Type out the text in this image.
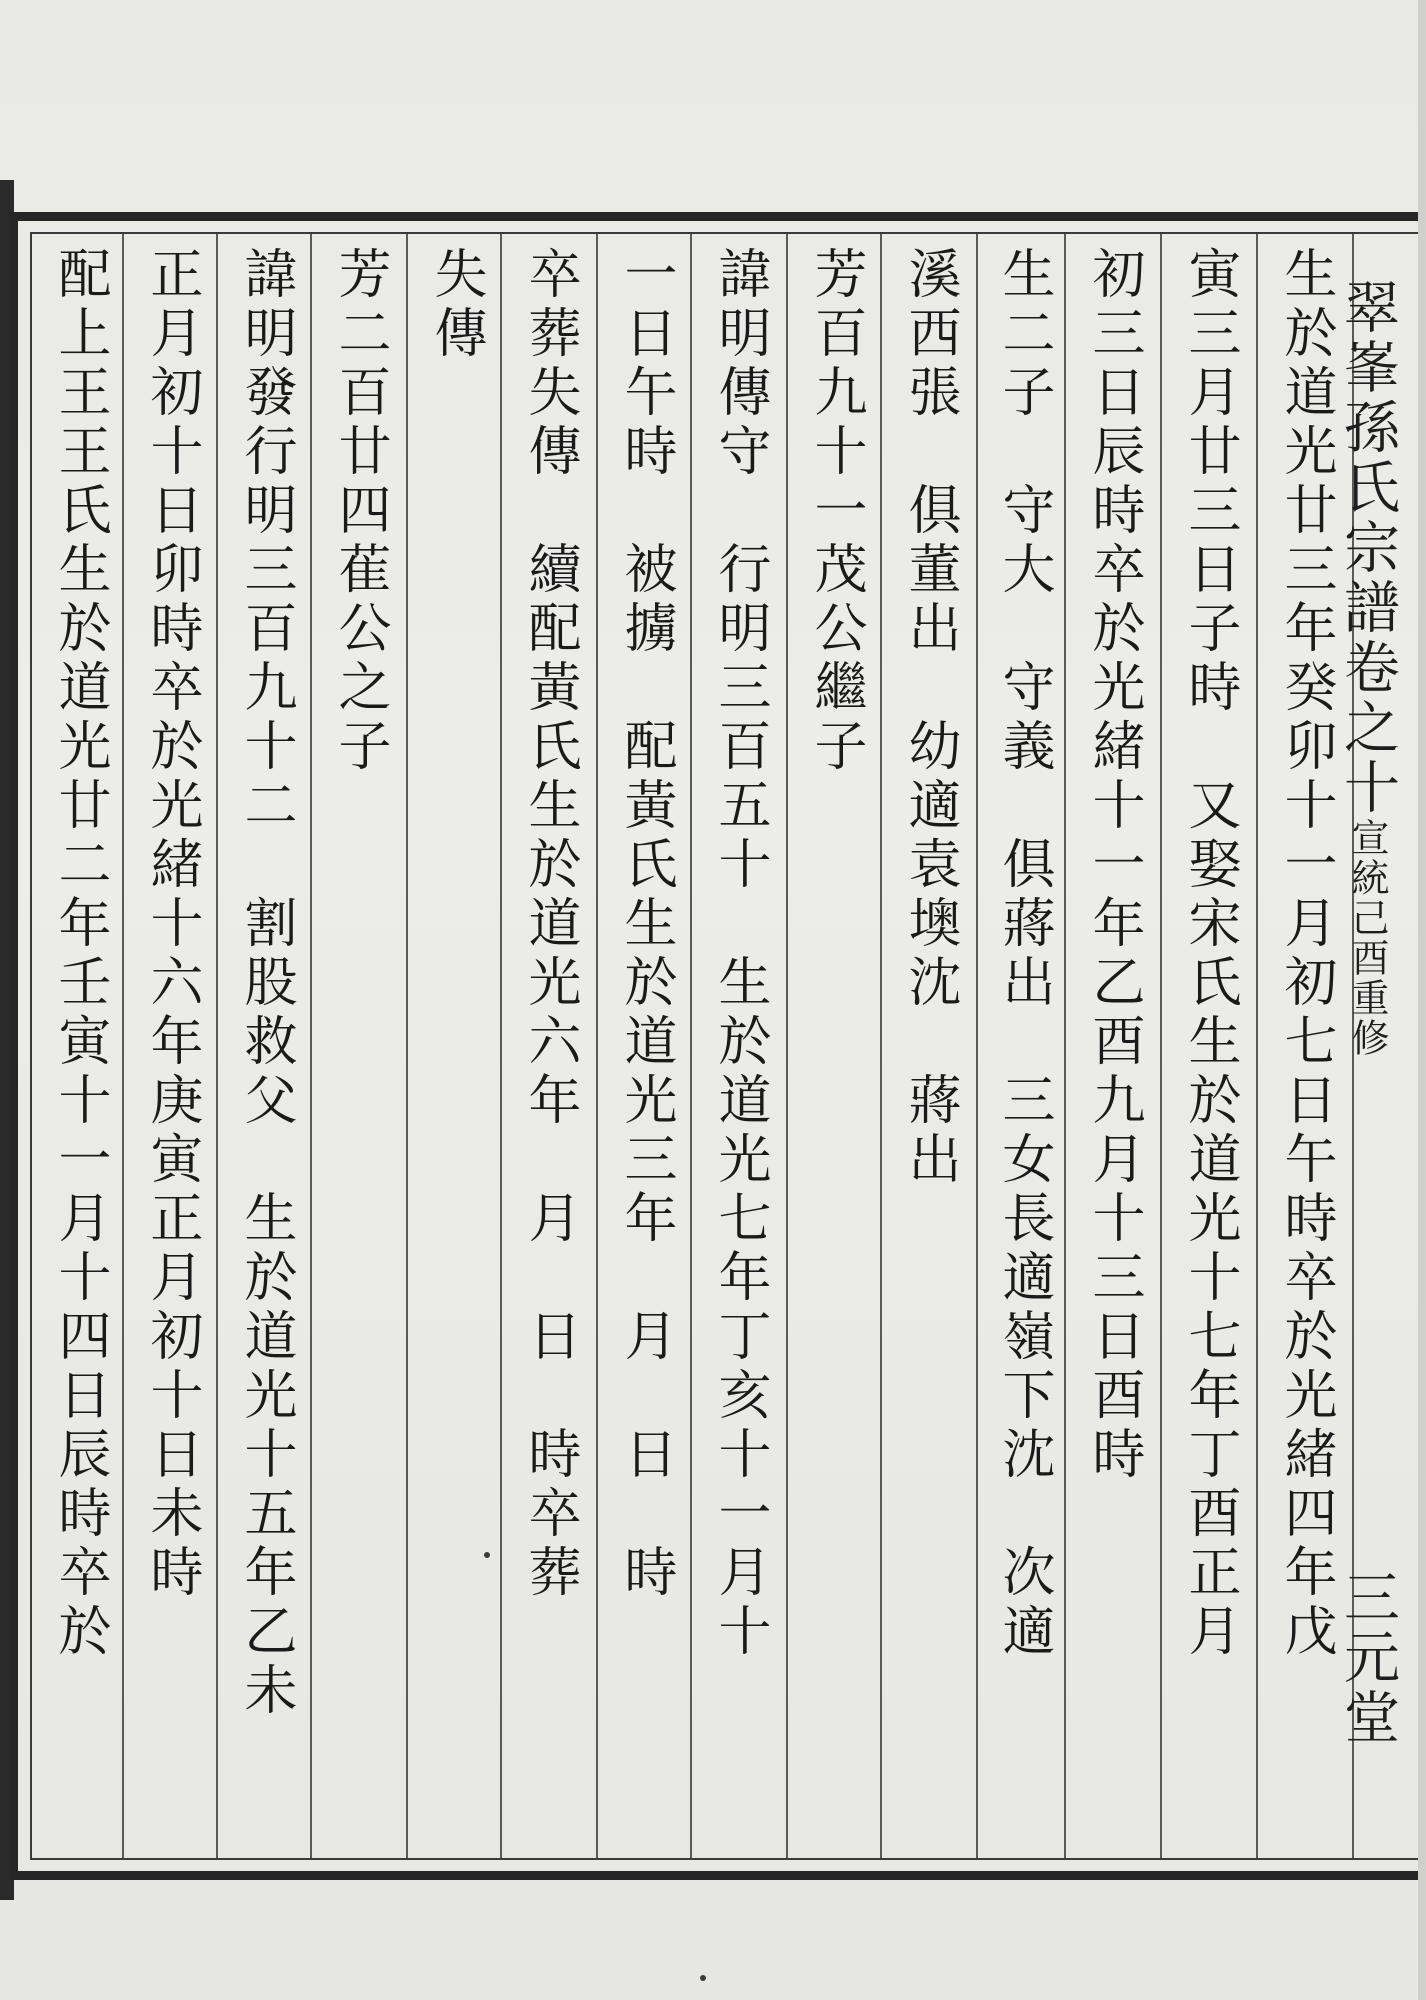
翠峯孫氏宗譜卷之十宣統己酉重修

三元堂

生於道光廿三年癸卯十一月初七日午時卒於光緒四年戊
寅三月廿三日子時　又娶宋氏生於道光十七年丁酉正月
初三日辰時卒於光緒十一年乙酉九月十三日酉時
生二子　守大　守義　俱蔣出　三女長適嶺下沈　次適
溪西張　俱董出　幼適袁墺沈　蔣出
芳百九十一茂公繼子
諱明傳守　行明三百五十　生於道光七年丁亥十一月十
一日午時　被擄　配黃氏生於道光三年　月　日　時
卒葬失傳　續配黃氏生於道光六年　月　日　時卒葬
失傳
芳二百廿四萑公之子
諱明發行明三百九十二　割股救父　生於道光十五年乙未
正月初十日卯時卒於光緒十六年庚寅正月初十日未時
配上王王氏生於道光廿二年壬寅十一月十四日辰時卒於
